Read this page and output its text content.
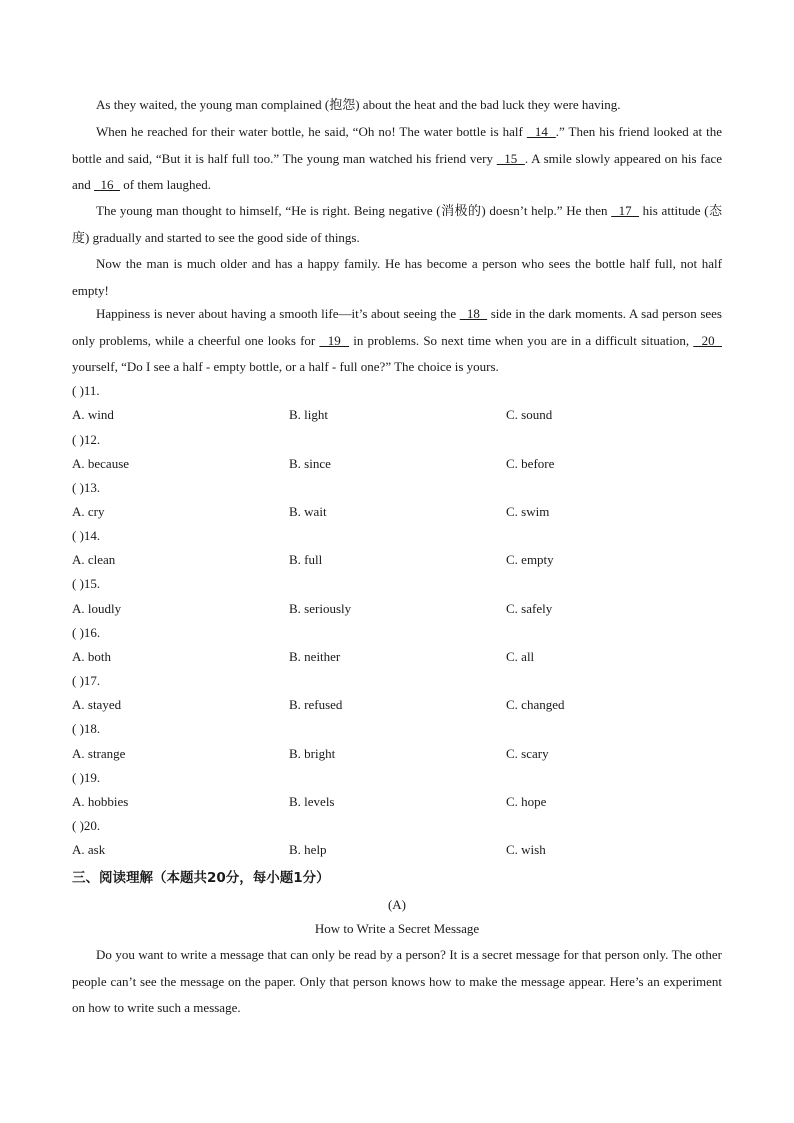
As they waited, the young man complained (抱怨) about the heat and the bad luck they were having.

When he reached for their water bottle, he said, “Oh no! The water bottle is half   14  .” Then his friend looked at the bottle and said, “But it is half full too.” The young man watched his friend very   15  . A smile slowly appeared on his face and   16   of them laughed.

The young man thought to himself, “He is right. Being negative (消极的) doesn’t help.” He then   17   his attitude (态度) gradually and started to see the good side of things.

Now the man is much older and has a happy family. He has become a person who sees the bottle half full, not half empty!

Happiness is never about having a smooth life—it’s about seeing the   18   side in the dark moments. A sad person sees only problems, while a cheerful one looks for   19   in problems. So next time when you are in a difficult situation,   20   yourself, “Do I see a half - empty bottle, or a half - full one?” The choice is yours.

( )11.
A. wind	B. light	C. sound
( )12.
A. because	B. since	C. before
( )13.
A. cry	B. wait	C. swim
( )14.
A. clean	B. full	C. empty
( )15.
A. loudly	B. seriously	C. safely
( )16.
A. both	B. neither	C. all
( )17.
A. stayed	B. refused	C. changed
( )18.
A. strange	B. bright	C. scary
( )19.
A. hobbies	B. levels	C. hope
( )20.
A. ask	B. help	C. wish
三、阅读理解（本题共20分，每小题1分）
(A)
How to Write a Secret Message

Do you want to write a message that can only be read by a person? It is a secret message for that person only. The other people can’t see the message on the paper. Only that person knows how to make the message appear. Here’s an experiment on how to write such a message.
